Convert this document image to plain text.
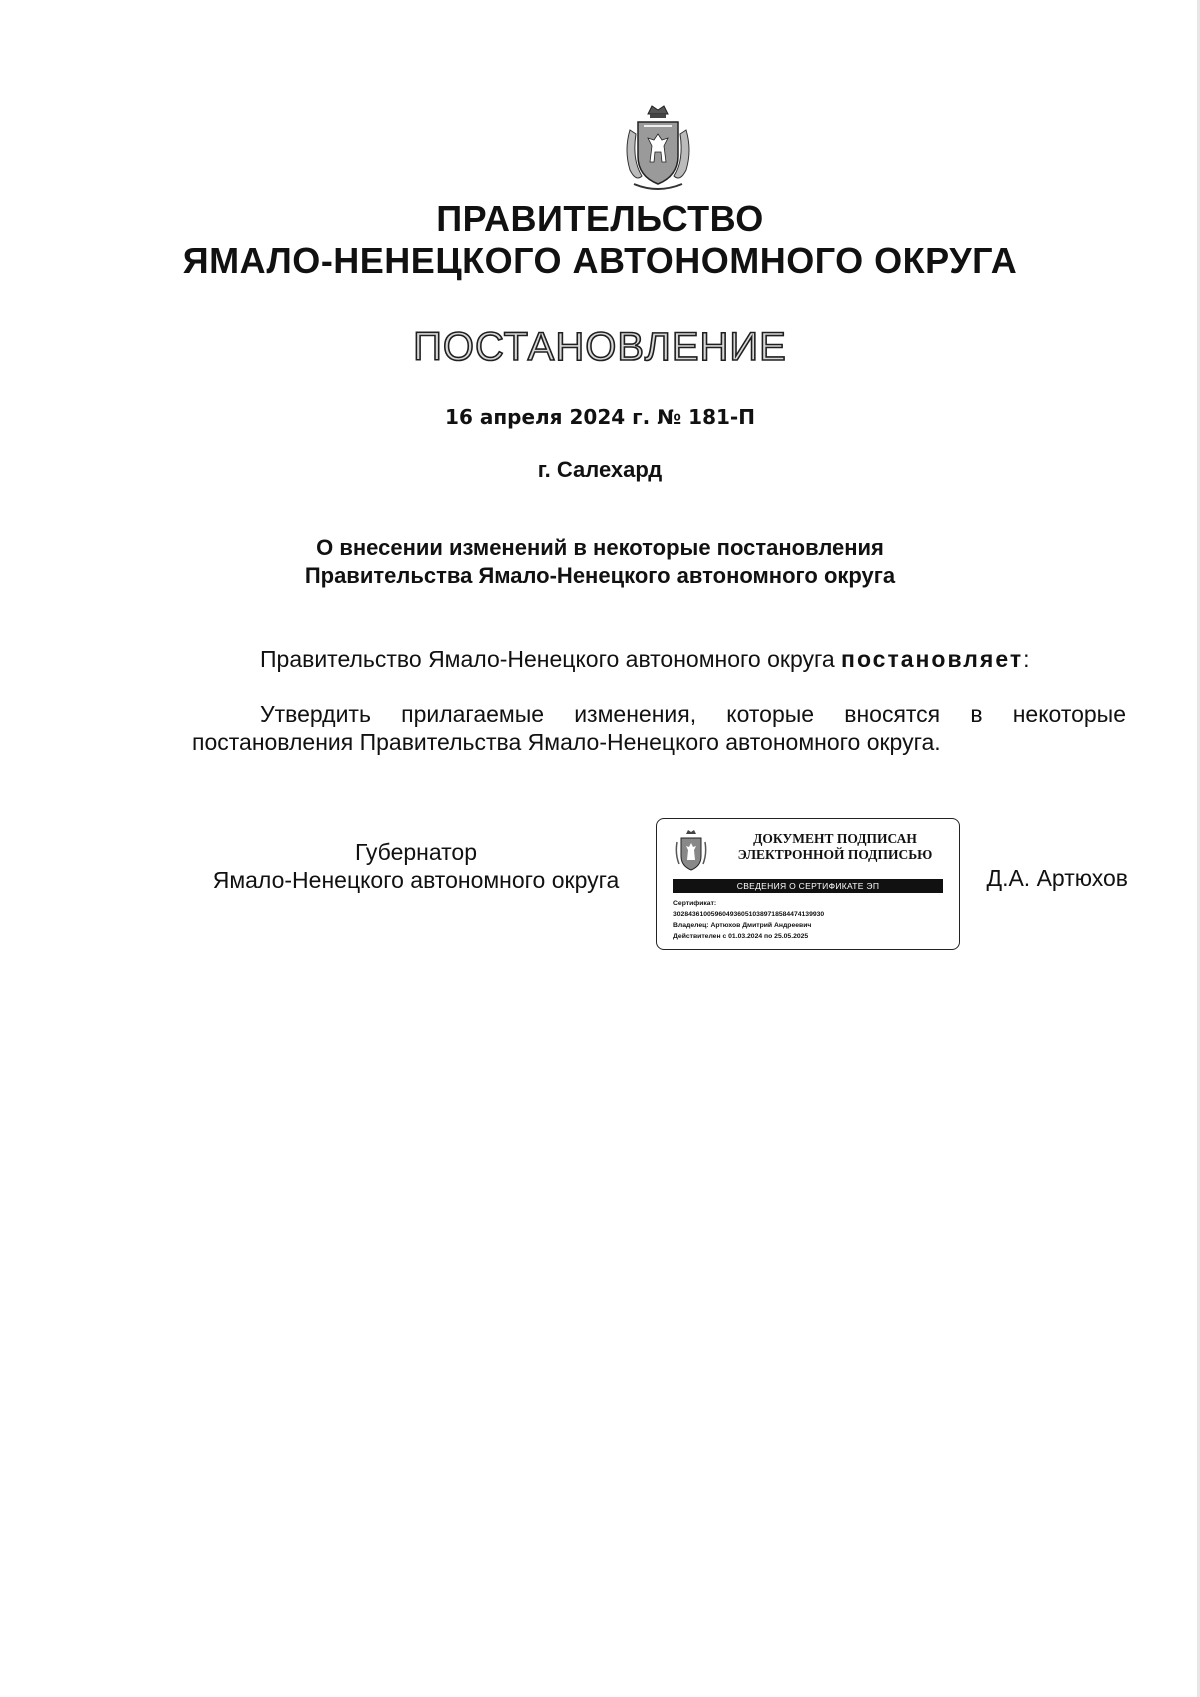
ПРАВИТЕЛЬСТВО
ЯМАЛО-НЕНЕЦКОГО АВТОНОМНОГО ОКРУГА
ПОСТАНОВЛЕНИЕ
16 апреля 2024 г. № 181-П
г. Салехард
О внесении изменений в некоторые постановления
Правительства Ямало-Ненецкого автономного округа
Правительство Ямало-Ненецкого автономного округа постановляет:
Утвердить прилагаемые изменения, которые вносятся в некоторые постановления Правительства Ямало-Ненецкого автономного округа.
Губернатор
Ямало-Ненецкого автономного округа
ДОКУМЕНТ ПОДПИСАН
ЭЛЕКТРОННОЙ ПОДПИСЬЮ
СВЕДЕНИЯ О СЕРТИФИКАТЕ ЭП
Сертификат:
3028436100596049360510389718584474139930
Владелец: Артюхов Дмитрий Андреевич
Действителен с 01.03.2024 по 25.05.2025
Д.А. Артюхов
